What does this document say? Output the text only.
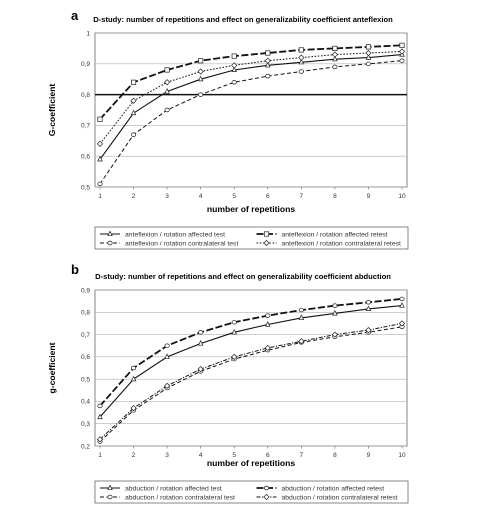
a D-study: number of repetitions and effect on generalizability coefficient anteflexion
0,5
0,6
0,7
0,8
0,9
1
1	2	3	4	5	6	7	8	9	10
number of repetitions
G-coefficient
anteflexion / rotation affected test	anteflexion / rotation affected retest
anteflexion / rotation contralateral test	anteflexion / rotation contralateral retest
b D-study: number of repetitions and effect on generalizability coefficient abduction
0,2
0,3
0,4
0,5
0,6
0,7
0,8
0,9
1	2	3	4	5	6	7	8	9	10
number of repetitions
g-coefficient
abduction / rotation affected test	abduction / rotation affected retest
abduction / rotation contralateral test	abduction / rotation contralateral retest
